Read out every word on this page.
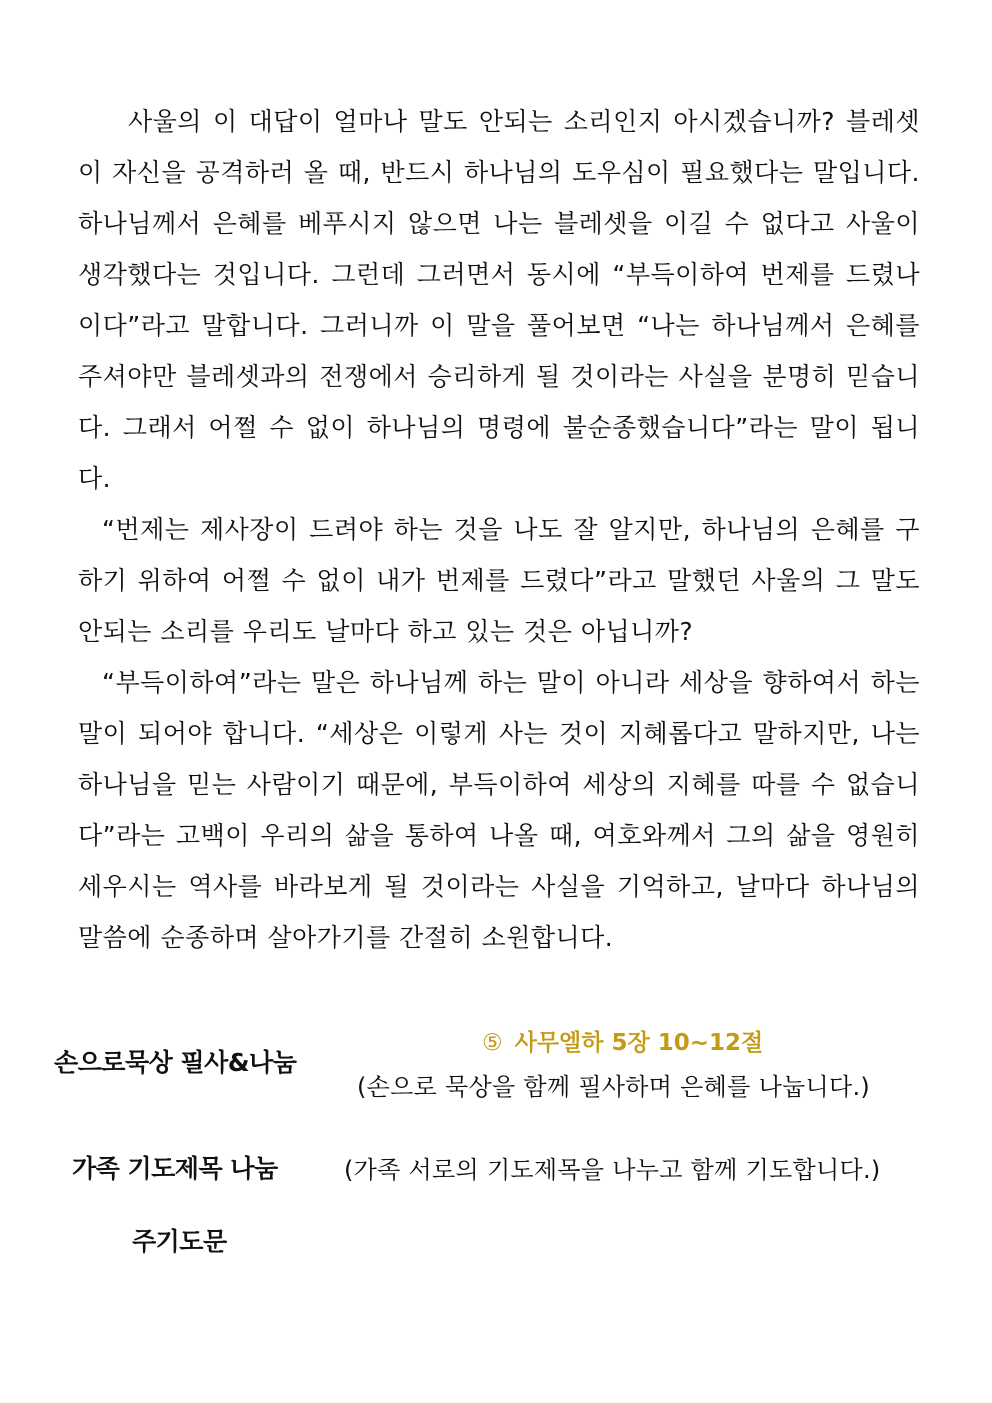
사울의 이 대답이 얼마나 말도 안되는 소리인지 아시겠습니까? 블레셋이 자신을 공격하러 올 때, 반드시 하나님의 도우심이 필요했다는 말입니다. 하나님께서 은혜를 베푸시지 않으면 나는 블레셋을 이길 수 없다고 사울이 생각했다는 것입니다. 그런데 그러면서 동시에 “부득이하여 번제를 드렸나이다”라고 말합니다. 그러니까 이 말을 풀어보면 “나는 하나님께서 은혜를 주셔야만 블레셋과의 전쟁에서 승리하게 될 것이라는 사실을 분명히 믿습니다. 그래서 어쩔 수 없이 하나님의 명령에 불순종했습니다”라는 말이 됩니다.

“번제는 제사장이 드려야 하는 것을 나도 잘 알지만, 하나님의 은혜를 구하기 위하여 어쩔 수 없이 내가 번제를 드렸다”라고 말했던 사울의 그 말도 안되는 소리를 우리도 날마다 하고 있는 것은 아닙니까?

“부득이하여”라는 말은 하나님께 하는 말이 아니라 세상을 향하여서 하는 말이 되어야 합니다. “세상은 이렇게 사는 것이 지혜롭다고 말하지만, 나는 하나님을 믿는 사람이기 때문에, 부득이하여 세상의 지혜를 따를 수 없습니다”라는 고백이 우리의 삶을 통하여 나올 때, 여호와께서 그의 삶을 영원히 세우시는 역사를 바라보게 될 것이라는 사실을 기억하고, 날마다 하나님의 말씀에 순종하며 살아가기를 간절히 소원합니다.

손으로묵상 필사&나눔
⑤ 사무엘하 5장 10~12절
(손으로 묵상을 함께 필사하며 은혜를 나눕니다.)
가족 기도제목 나눔	(가족 서로의 기도제목을 나누고 함께 기도합니다.)
주기도문
